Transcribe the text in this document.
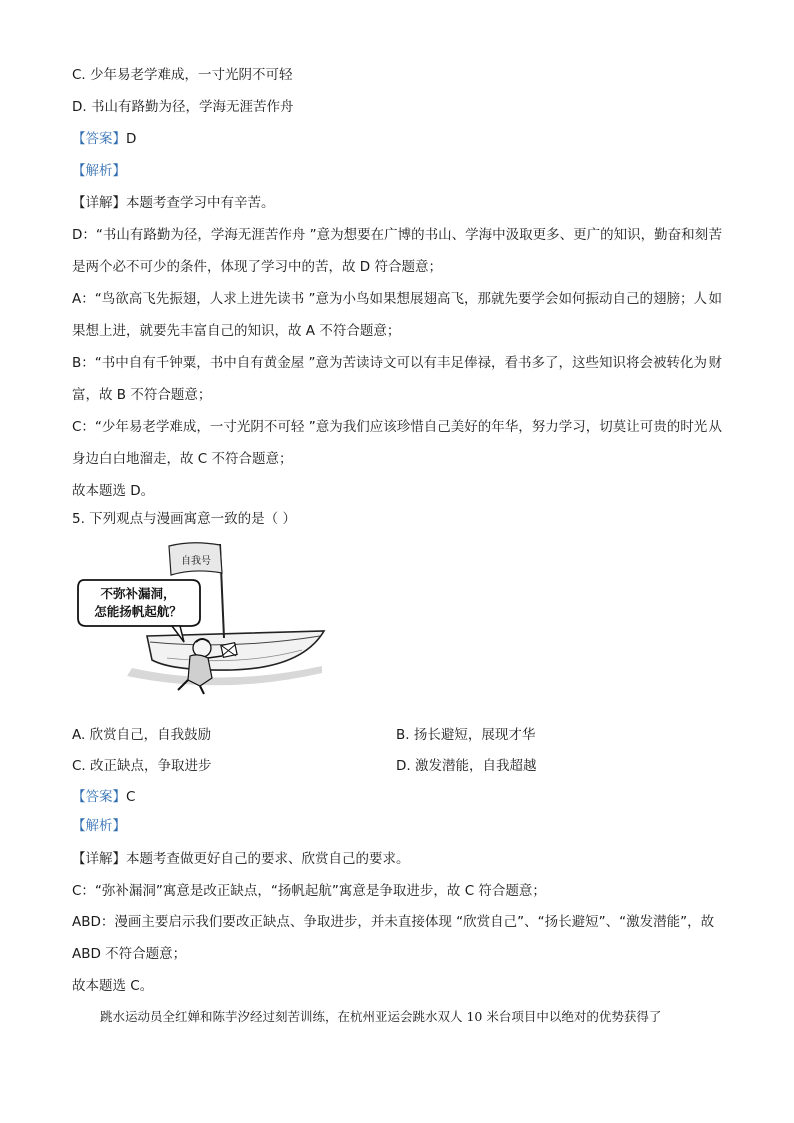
C. 少年易老学难成，一寸光阴不可轻
D. 书山有路勤为径，学海无涯苦作舟
【答案】D
【解析】
【详解】本题考查学习中有辛苦。
D：“书山有路勤为径，学海无涯苦作舟 ”意为想要在广博的书山、学海中汲取更多、更广的知识，勤奋和刻 苦
是两个必不可少的条件，体现了学习中的苦，故 D 符合题意；
A：“鸟欲高飞先振翅，人求上进先读书 ”意为小鸟如果想展翅高飞，那就先要学会如何振动自己的翅膀；人 如
果想上进，就要先丰富自己的知识，故 A 不符合题意；
B：“书中自有千钟粟，书中自有黄金屋 ”意为苦读诗文可以有丰足俸禄，看书多了，这些知识将会被转化为 财
富，故 B 不符合题意；
C：“少年易老学难成，一寸光阴不可轻 ”意为我们应该珍惜自己美好的年华，努力学习，切莫让可贵的时光 从
身边白白地溜走，故 C 不符合题意；
故本题选 D。
5. 下列观点与漫画寓意一致的是（ ）
自我号
不弥补漏洞，
怎能扬帆起航？
A. 欣赏自己，自我鼓励	B. 扬长避短，展现才华
C. 改正缺点，争取进步	D. 激发潜能，自我超越
【答案】C
【解析】
【详解】本题考查做更好自己的要求、欣赏自己的要求。
C：“弥补漏洞”寓意是改正缺点，“扬帆起航”寓意是争取进步，故 C 符合题意；
ABD：漫画主要启示我们要改正缺点、争取进步，并未直接体现 “欣赏自己”、“扬长避短”、“激发潜能”，故
ABD 不符合题意；
故本题选 C。
跳水运动员全红婵和陈芋汐经过刻苦训练，在杭州亚运会跳水双人 10 米台项目中以绝对的优势获得了
